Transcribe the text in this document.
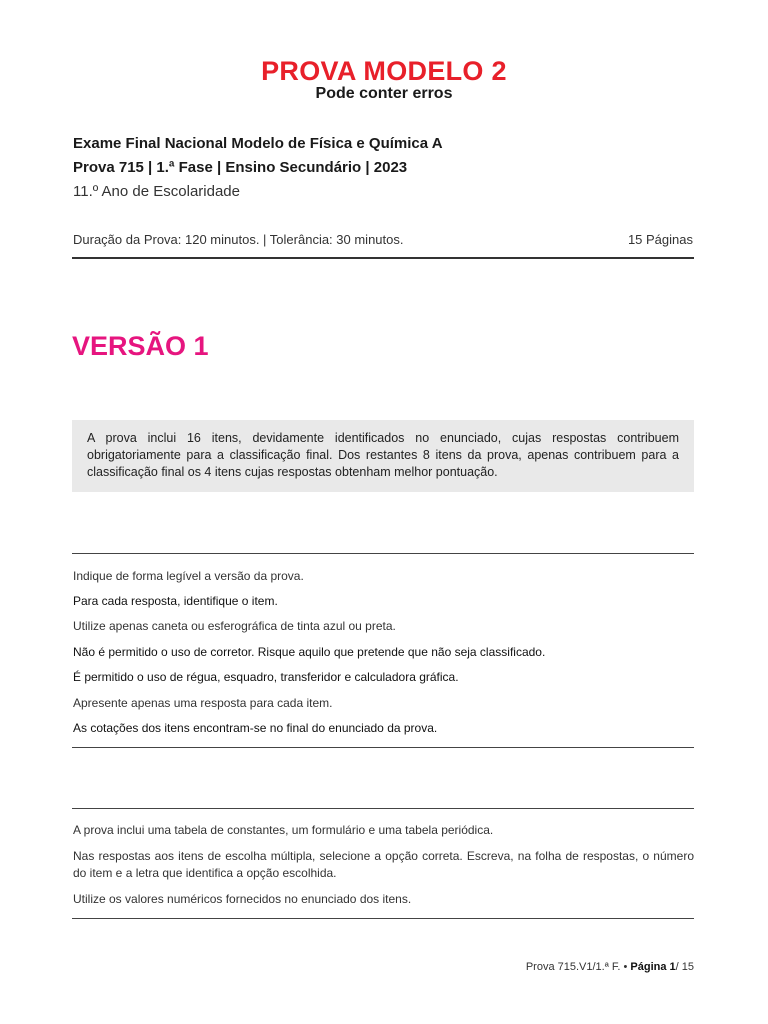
PROVA MODELO 2
Pode conter erros
Exame Final Nacional Modelo de Física e Química A
Prova 715 | 1.ª Fase | Ensino Secundário | 2023
11.º Ano de Escolaridade
Duração da Prova: 120 minutos. | Tolerância: 30 minutos.	15 Páginas
VERSÃO 1
A prova inclui 16 itens, devidamente identificados no enunciado, cujas respostas contribuem obrigatoriamente para a classificação final. Dos restantes 8 itens da prova, apenas contribuem para a classificação final os 4 itens cujas respostas obtenham melhor pontuação.
Indique de forma legível a versão da prova.
Para cada resposta, identifique o item.
Utilize apenas caneta ou esferográfica de tinta azul ou preta.
Não é permitido o uso de corretor. Risque aquilo que pretende que não seja classificado.
É permitido o uso de régua, esquadro, transferidor e calculadora gráfica.
Apresente apenas uma resposta para cada item.
As cotações dos itens encontram-se no final do enunciado da prova.
A prova inclui uma tabela de constantes, um formulário e uma tabela periódica.
Nas respostas aos itens de escolha múltipla, selecione a opção correta. Escreva, na folha de respostas, o número do item e a letra que identifica a opção escolhida.
Utilize os valores numéricos fornecidos no enunciado dos itens.
Prova 715.V1/1.ª F. • Página 1/ 15
